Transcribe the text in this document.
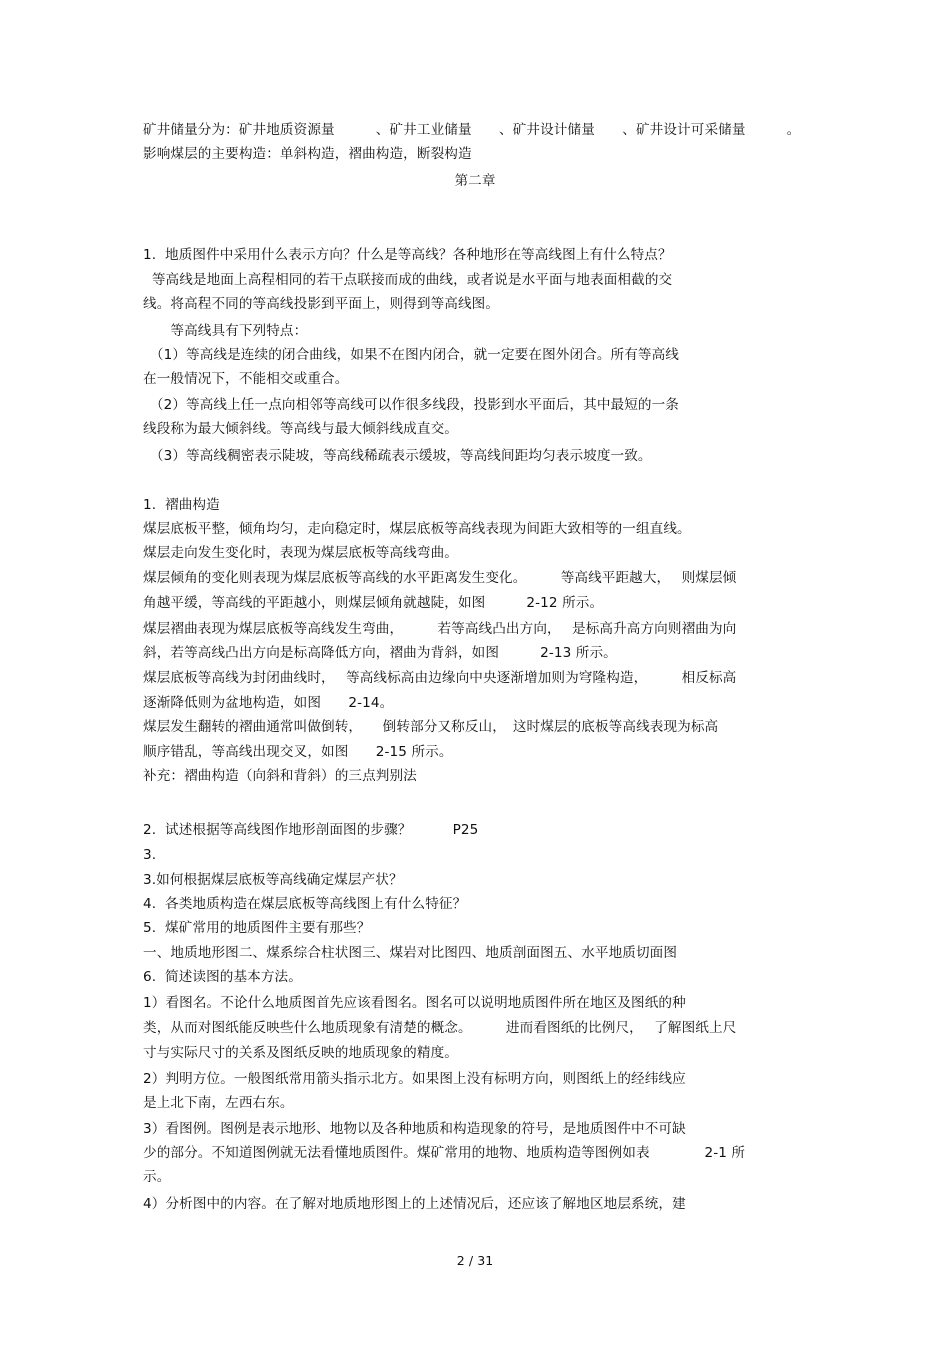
矿井储量分为：矿井地质资源量　　　、矿井工业储量　　、矿井设计储量　　、矿井设计可采储量　　　。
影响煤层的主要构造：单斜构造，褶曲构造，断裂构造
第二章
1.  地质图件中采用什么表示方向？什么是等高线？各种地形在等高线图上有什么特点？
等高线是地面上高程相同的若干点联接而成的曲线，或者说是水平面与地表面相截的交
线。将高程不同的等高线投影到平面上，则得到等高线图。
　　等高线具有下列特点：
　（1）等高线是连续的闭合曲线，如果不在图内闭合，就一定要在图外闭合。所有等高线
在一般情况下，不能相交或重合。
　（2）等高线上任一点向相邻等高线可以作很多线段，投影到水平面后，其中最短的一条
线段称为最大倾斜线。等高线与最大倾斜线成直交。
　（3）等高线稠密表示陡坡，等高线稀疏表示缓坡，等高线间距均匀表示坡度一致。
1.  褶曲构造
煤层底板平整，倾角均匀，走向稳定时，煤层底板等高线表现为间距大致相等的一组直线。
煤层走向发生变化时，表现为煤层底板等高线弯曲。
煤层倾角的变化则表现为煤层底板等高线的水平距离发生变化。　　　等高线平距越大，　 则煤层倾
角越平缓，等高线的平距越小，则煤层倾角就越陡，如图　　　2-12 所示。
煤层褶曲表现为煤层底板等高线发生弯曲，　　　若等高线凸出方向，　 是标高升高方向则褶曲为向
斜，若等高线凸出方向是标高降低方向，褶曲为背斜，如图　　　2-13 所示。
煤层底板等高线为封闭曲线时，　 等高线标高由边缘向中央逐渐增加则为穹隆构造，　　　相反标高
逐渐降低则为盆地构造，如图　　2-14。
煤层发生翻转的褶曲通常叫做倒转，　　倒转部分又称反山，　这时煤层的底板等高线表现为标高
顺序错乱，等高线出现交叉，如图　　2-15 所示。
补充：褶曲构造（向斜和背斜）的三点判别法
2.  试述根据等高线图作地形剖面图的步骤？　　　P25
3.
3.如何根据煤层底板等高线确定煤层产状？
4.  各类地质构造在煤层底板等高线图上有什么特征？
5.  煤矿常用的地质图件主要有那些？
一、地质地形图二、煤系综合柱状图三、煤岩对比图四、地质剖面图五、水平地质切面图
6.  简述读图的基本方法。
1）看图名。不论什么地质图首先应该看图名。图名可以说明地质图件所在地区及图纸的种
类，从而对图纸能反映些什么地质现象有清楚的概念。　　　进而看图纸的比例尺，　 了解图纸上尺
寸与实际尺寸的关系及图纸反映的地质现象的精度。
2）判明方位。一般图纸常用箭头指示北方。如果图上没有标明方向，则图纸上的经纬线应
是上北下南，左西右东。
3）看图例。图例是表示地形、地物以及各种地质和构造现象的符号，是地质图件中不可缺
少的部分。不知道图例就无法看懂地质图件。煤矿常用的地物、地质构造等图例如表　　　　2-1 所
示。
4）分析图中的内容。在了解对地质地形图上的上述情况后，还应该了解地区地层系统，建
2 / 31
